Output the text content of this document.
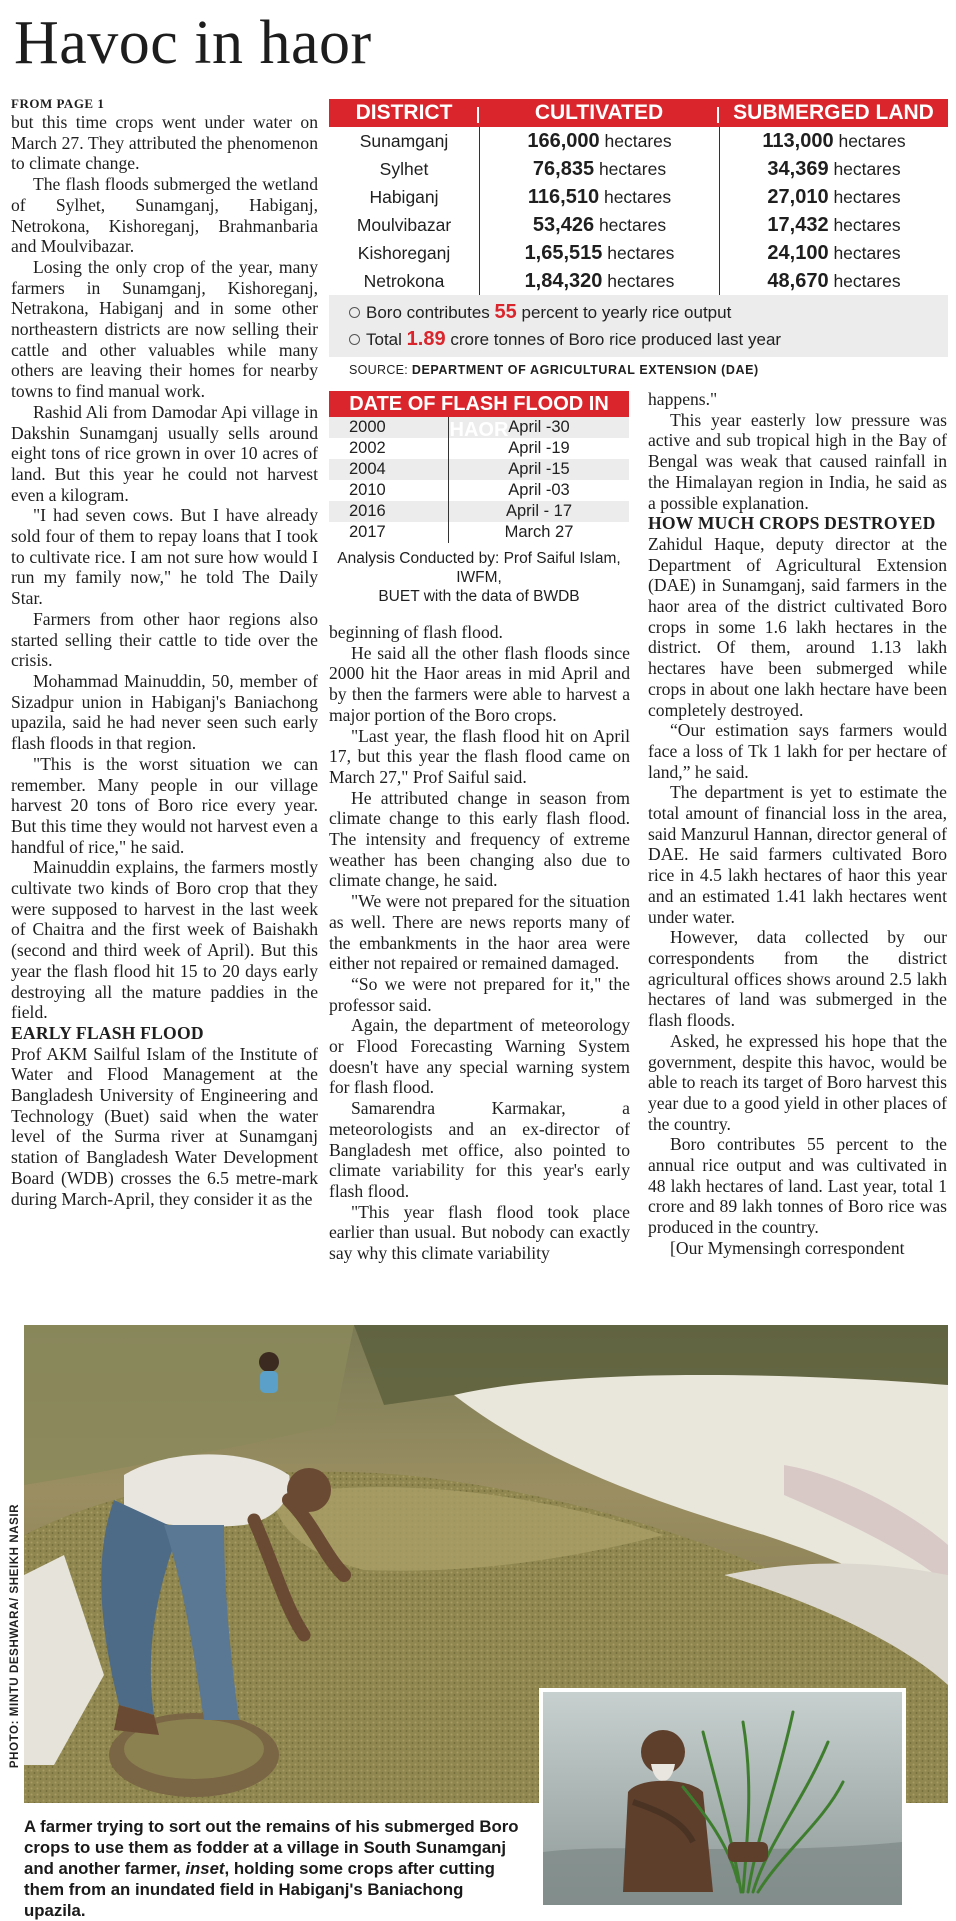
Havoc in haor
FROM PAGE 1

but this time crops went under water on March 27. They attributed the phenomenon to climate change.

The flash floods submerged the wetland of Sylhet, Sunamganj, Habiganj, Netrokona, Kishoreganj, Brahmanbaria and Moulvibazar.

Losing the only crop of the year, many farmers in Sunamganj, Kishoreganj, Netrakona, Habiganj and in some other northeastern districts are now selling their cattle and other valuables while many others are leaving their homes for nearby towns to find manual work.

Rashid Ali from Damodar Api village in Dakshin Sunamganj usually sells around eight tons of rice grown in over 10 acres of land. But this year he could not harvest even a kilogram.

"I had seven cows. But I have already sold four of them to repay loans that I took to cultivate rice. I am not sure how would I run my family now," he told The Daily Star.

Farmers from other haor regions also started selling their cattle to tide over the crisis.

Mohammad Mainuddin, 50, member of Sizadpur union in Habiganj's Baniachong upazila, said he had never seen such early flash floods in that region.

"This is the worst situation we can remember. Many people in our village harvest 20 tons of Boro rice every year. But this time they would not harvest even a handful of rice," he said.

Mainuddin explains, the farmers mostly cultivate two kinds of Boro crop that they were supposed to harvest in the last week of Chaitra and the first week of Baishakh (second and third week of April). But this year the flash flood hit 15 to 20 days early destroying all the mature paddies in the field.

EARLY FLASH FLOOD

Prof AKM Sailful Islam of the Institute of Water and Flood Management at the Bangladesh University of Engineering and Technology (Buet) said when the water level of the Surma river at Sunamganj station of Bangladesh Water Development Board (WDB) crosses the 6.5 metre-mark during March-April, they consider it as the

DISTRICT	CULTIVATED	SUBMERGED LAND
Sunamganj	166,000 hectares	113,000 hectares
Sylhet	76,835 hectares	34,369 hectares
Habiganj	116,510 hectares	27,010 hectares
Moulvibazar	53,426 hectares	17,432 hectares
Kishoreganj	1,65,515 hectares	24,100 hectares
Netrokona	1,84,320 hectares	48,670 hectares
Boro contributes 55 percent to yearly rice output
Total 1.89 crore tonnes of Boro rice produced last year
SOURCE: DEPARTMENT OF AGRICULTURAL EXTENSION (DAE)
DATE OF FLASH FLOOD IN HAOR
2000	April -30
2002	April -19
2004	April -15
2010	April -03
2016	April - 17
2017	March 27
Analysis Conducted by: Prof Saiful Islam, IWFM,
BUET with the data of BWDB

beginning of flash flood.

He said all the other flash floods since 2000 hit the Haor areas in mid April and by then the farmers were able to harvest a major portion of the Boro crops.

"Last year, the flash flood hit on April 17, but this year the flash flood came on March 27," Prof Saiful said.

He attributed change in season from climate change to this early flash flood. The intensity and frequency of extreme weather has been changing also due to climate change, he said.

"We were not prepared for the situation as well. There are news reports many of the embankments in the haor area were either not repaired or remained damaged.

“So we were not prepared for it," the professor said.

Again, the department of meteorology or Flood Forecasting Warning System doesn't have any special warning system for flash flood.

Samarendra Karmakar, a meteorologists and an ex-director of Bangladesh met office, also pointed to climate variability for this year's early flash flood.

"This year flash flood took place earlier than usual. But nobody can exactly say why this climate variability

happens."

This year easterly low pressure was active and sub tropical high in the Bay of Bengal was weak that caused rainfall in the Himalayan region in India, he said as a possible explanation.

HOW MUCH CROPS DESTROYED

Zahidul Haque, deputy director at the Department of Agricultural Extension (DAE) in Sunamganj, said farmers in the haor area of the district cultivated Boro crops in some 1.6 lakh hectares in the district. Of them, around 1.13 lakh hectares have been submerged while crops in about one lakh hectare have been completely destroyed.

“Our estimation says farmers would face a loss of Tk 1 lakh for per hectare of land,” he said.

The department is yet to estimate the total amount of financial loss in the area, said Manzurul Hannan, director general of DAE. He said farmers cultivated Boro rice in 4.5 lakh hectares of haor this year and an estimated 1.41 lakh hectares went under water.

However, data collected by our correspondents from the district agricultural offices shows around 2.5 lakh hectares of land was submerged in the flash floods.

Asked, he expressed his hope that the government, despite this havoc, would be able to reach its target of Boro harvest this year due to a good yield in other places of the country.

Boro contributes 55 percent to the annual rice output and was cultivated in 48 lakh hectares of land. Last year, total 1 crore and 89 lakh tonnes of Boro rice was produced in the country.

[Our Mymensingh correspondent

PHOTO: MINTU DESHWARA/ SHEIKH NASIR
A farmer trying to sort out the remains of his submerged Boro crops to use them as fodder at a village in South Sunamganj and another farmer, inset, holding some crops after cutting them from an inundated field in Habiganj's Baniachong upazila.
